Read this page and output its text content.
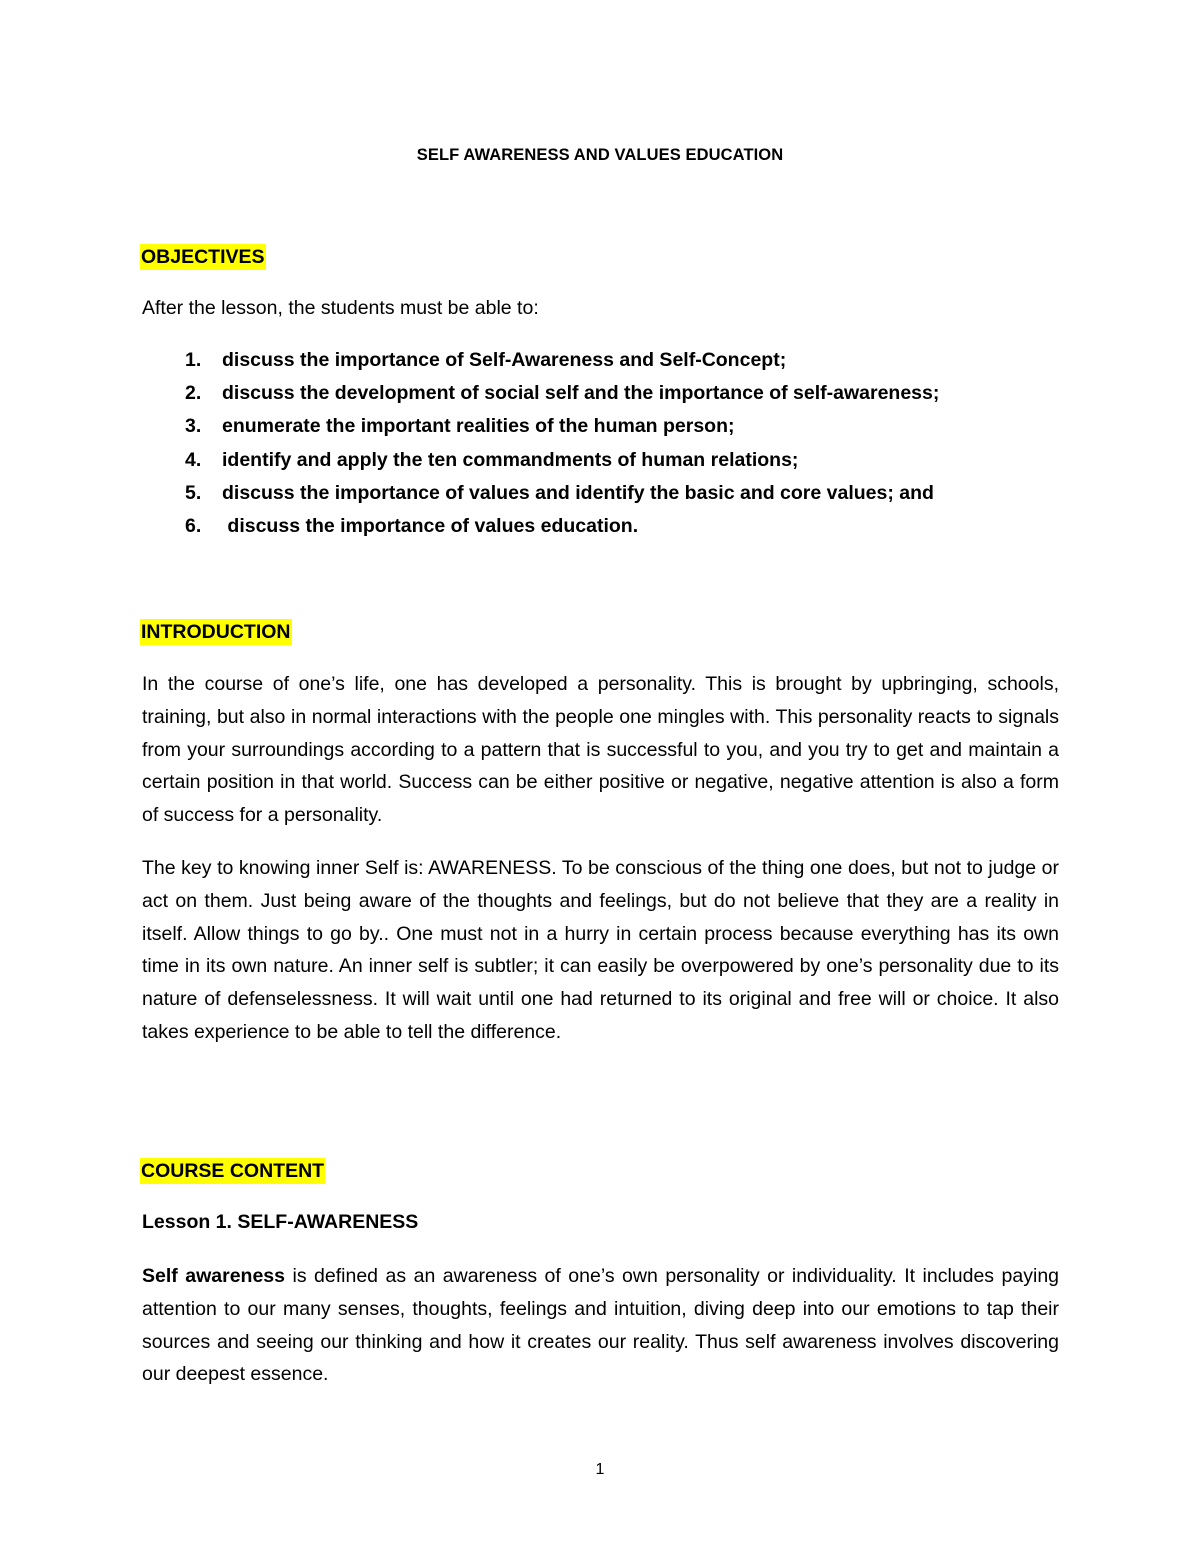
SELF AWARENESS AND VALUES EDUCATION
OBJECTIVES
After the lesson, the students must be able to:
1. discuss the importance of Self-Awareness and Self-Concept;
2. discuss the development of social self and the importance of self-awareness;
3. enumerate the important realities of the human person;
4. identify and apply the ten commandments of human relations;
5. discuss the importance of values and identify the basic and core values; and
6. discuss the importance of values education.
INTRODUCTION

In the course of one’s life, one has developed a personality. This is brought by upbringing, schools, training, but also in normal interactions with the people one mingles with. This personality reacts to signals from your surroundings according to a pattern that is successful to you, and you try to get and maintain a certain position in that world. Success can be either positive or negative, negative attention is also a form of success for a personality.

The key to knowing inner Self is: AWARENESS. To be conscious of the thing one does, but not to judge or act on them. Just being aware of the thoughts and feelings, but do not believe that they are a reality in itself. Allow things to go by.. One must not in a hurry in certain process because everything has its own time in its own nature. An inner self is subtler; it can easily be overpowered by one’s personality due to its nature of defenselessness. It will wait until one had returned to its original and free will or choice. It also takes experience to be able to tell the difference.

COURSE CONTENT
Lesson 1. SELF-AWARENESS

Self awareness is defined as an awareness of one’s own personality or individuality. It includes paying attention to our many senses, thoughts, feelings and intuition, diving deep into our emotions to tap their sources and seeing our thinking and how it creates our reality. Thus self awareness involves discovering our deepest essence.

1
